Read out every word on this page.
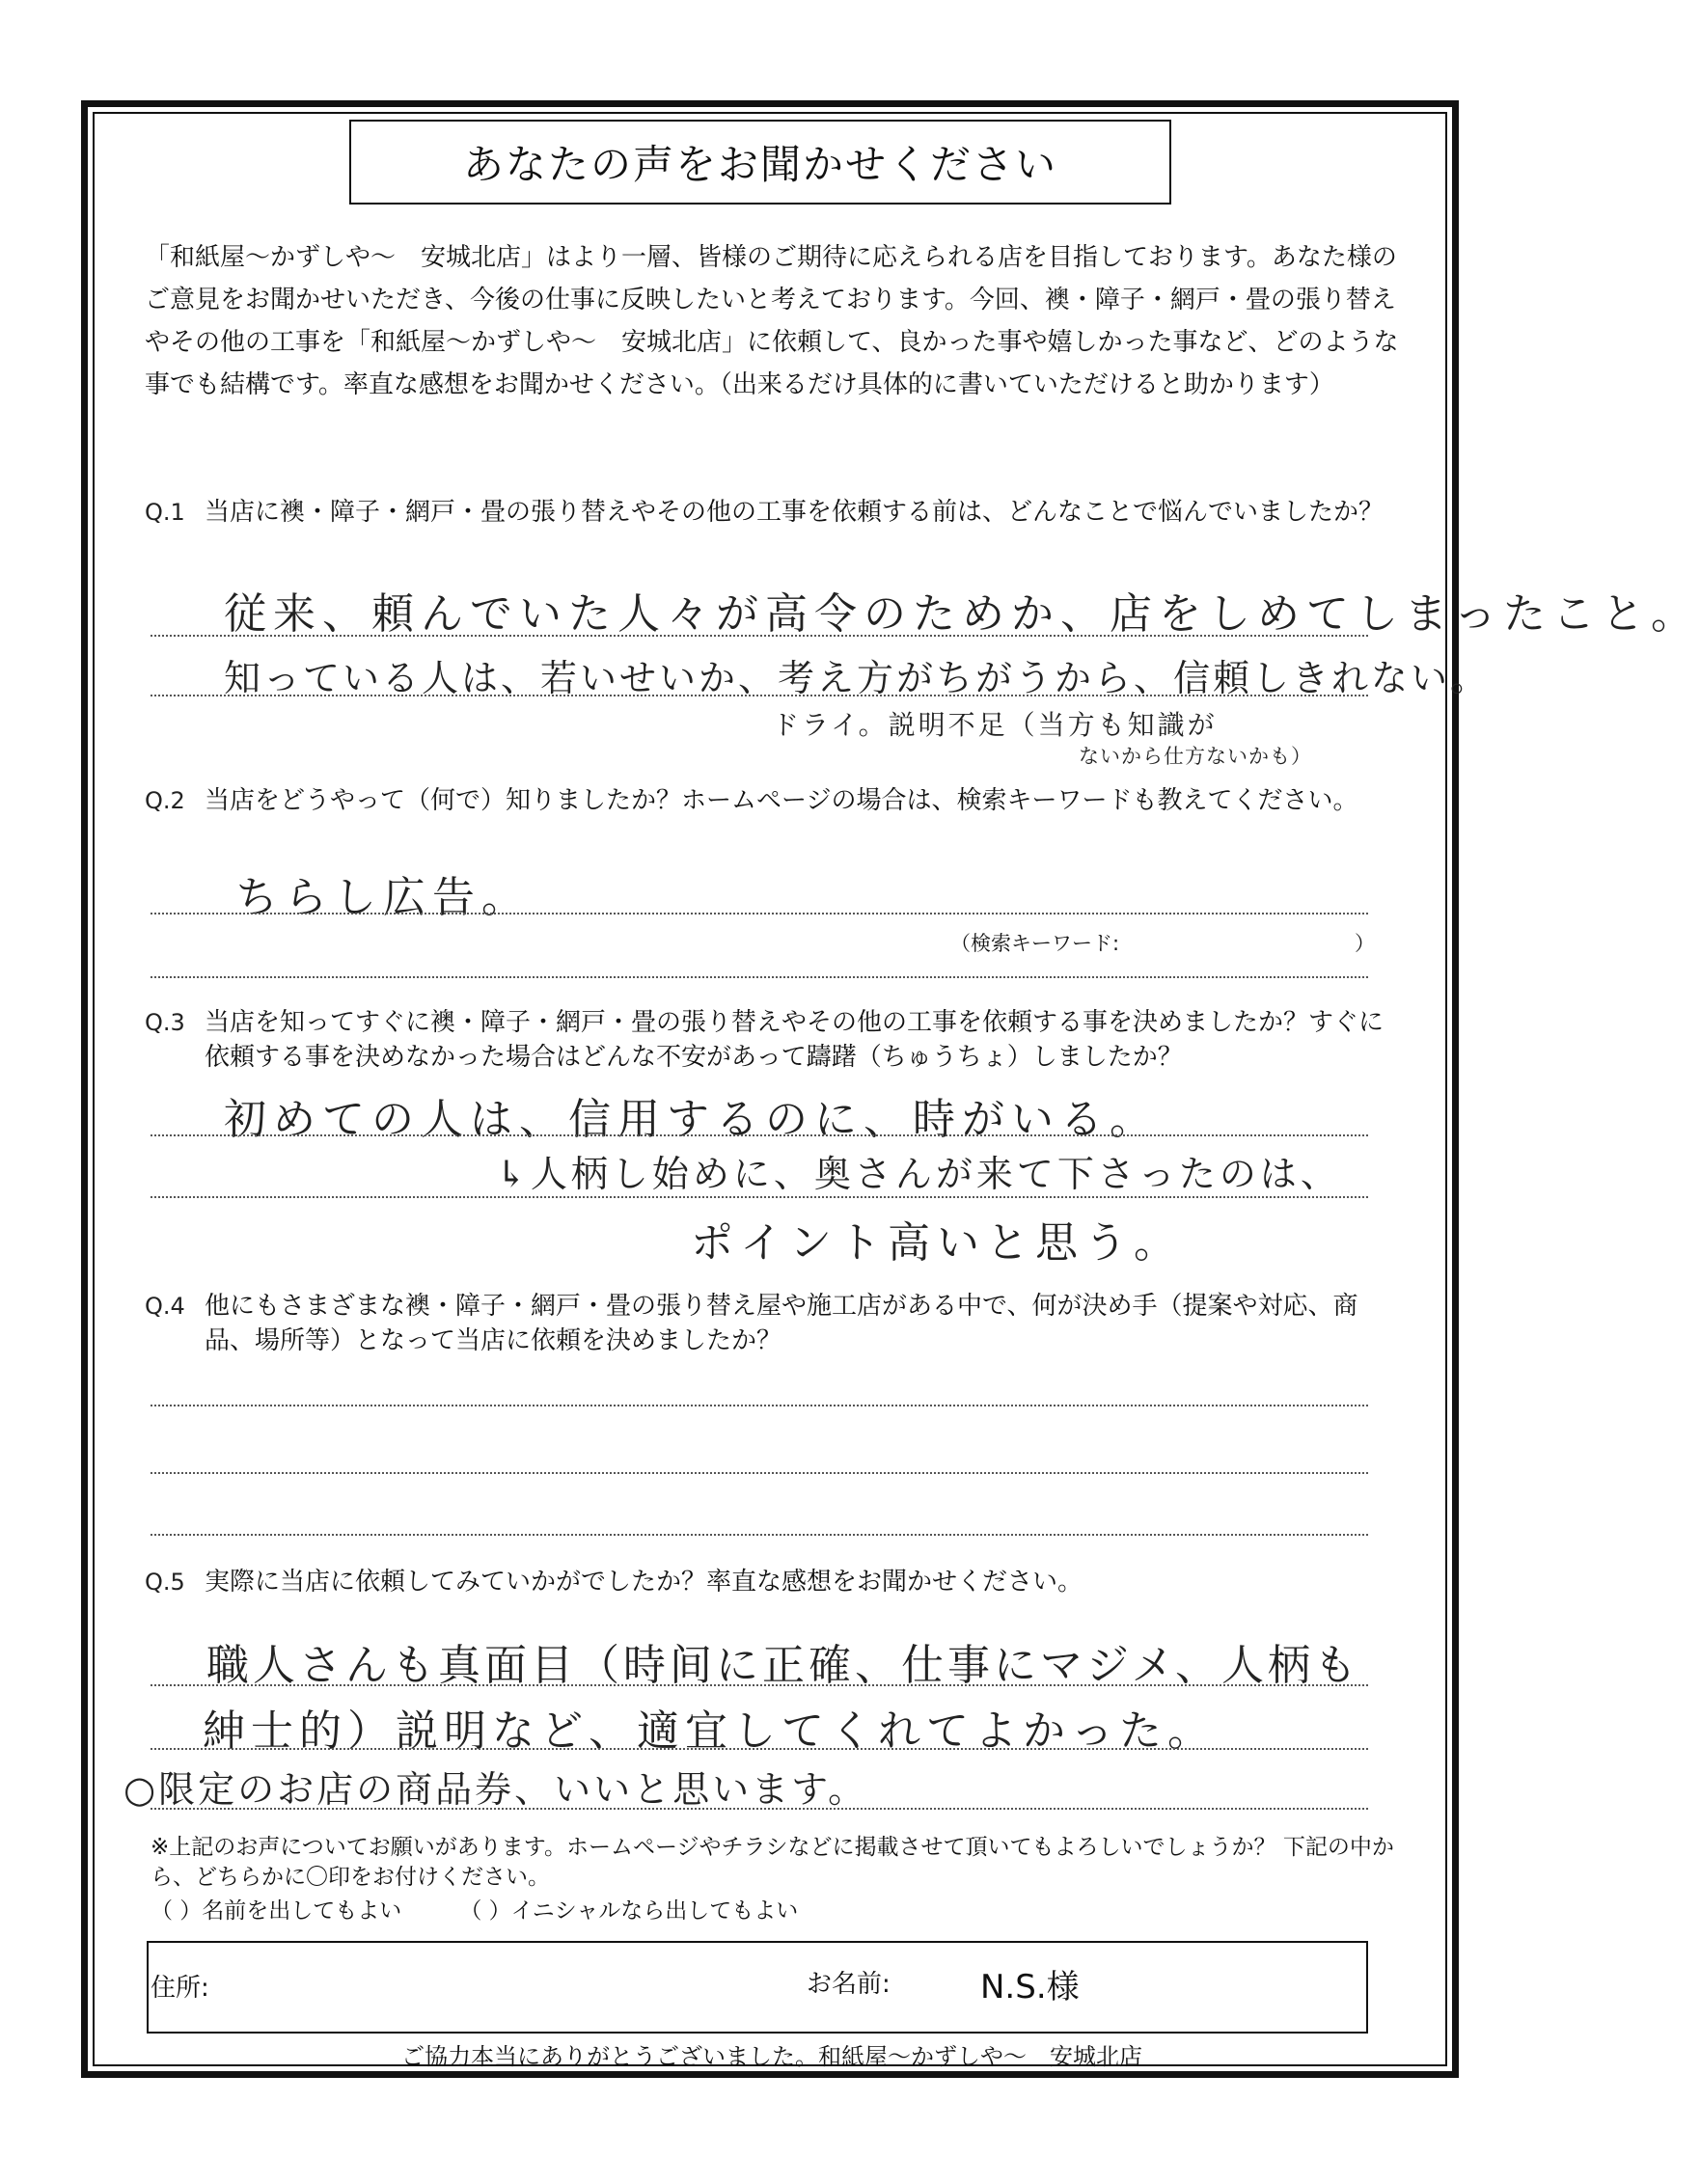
あなたの声をお聞かせください
「和紙屋〜かずしや〜　安城北店」はより一層、皆様のご期待に応えられる店を目指しております。あなた様のご意見をお聞かせいただき、今後の仕事に反映したいと考えております。今回、襖・障子・網戸・畳の張り替えやその他の工事を「和紙屋〜かずしや〜　安城北店」に依頼して、良かった事や嬉しかった事など、どのような事でも結構です。率直な感想をお聞かせください。（出来るだけ具体的に書いていただけると助かります）
Q.1 当店に襖・障子・網戸・畳の張り替えやその他の工事を依頼する前は、どんなことで悩んでいましたか？
従来、頼んでいた人々が高令のためか、店をしめてしまったこと。
知っている人は、若いせいか、考え方がちがうから、信頼しきれない。
ドライ。説明不足（当方も知識が
ないから仕方ないかも）
Q.2 当店をどうやって（何で）知りましたか？ホームページの場合は、検索キーワードも教えてください。
ちらし広告。
（検索キーワード:	）
Q.3 当店を知ってすぐに襖・障子・網戸・畳の張り替えやその他の工事を依頼する事を決めましたか？すぐに依頼する事を決めなかった場合はどんな不安があって躊躇（ちゅうちょ）しましたか？
初めての人は、信用するのに、時がいる。
↳人柄し始めに、奥さんが来て下さったのは、
ポイント高いと思う。
Q.4 他にもさまざまな襖・障子・網戸・畳の張り替え屋や施工店がある中で、何が決め手（提案や対応、商品、場所等）となって当店に依頼を決めましたか？
Q.5 実際に当店に依頼してみていかがでしたか？率直な感想をお聞かせください。
職人さんも真面目（時间に正確、仕事にマジメ、人柄も
紳士的）説明など、適宜してくれてよかった。
○限定のお店の商品券、いいと思います。
※上記のお声についてお願いがあります。ホームページやチラシなどに掲載させて頂いてもよろしいでしょうか？ 下記の中から、どちらかに〇印をお付けください。
（ ）名前を出してもよい	（ ）イニシャルなら出してもよい
住所:	お名前:	N.S.様
ご協力本当にありがとうございました。和紙屋〜かずしや〜　安城北店
